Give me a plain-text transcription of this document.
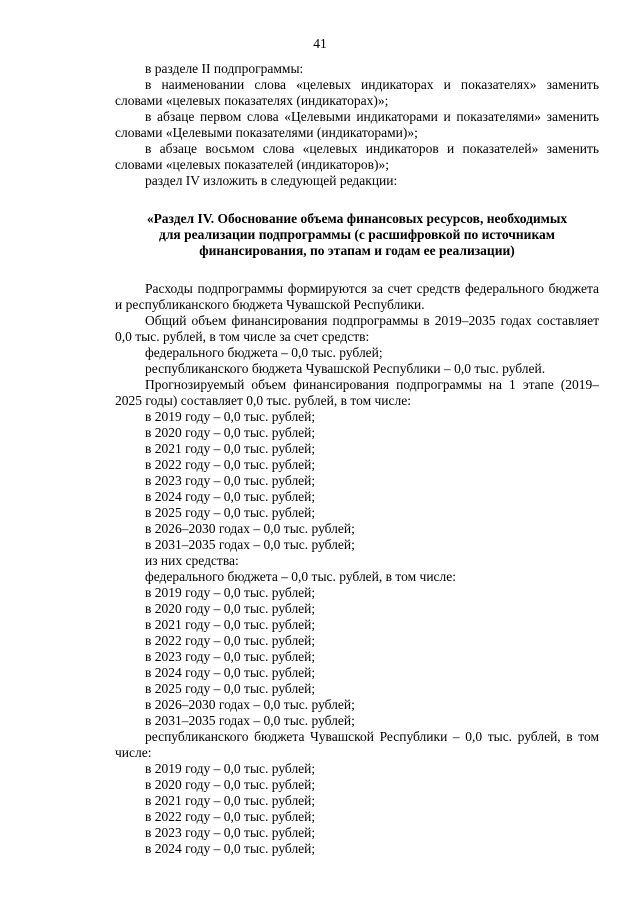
41

в разделе II подпрограммы:

в наименовании слова «целевых индикаторах и показателях» заменить словами «целевых показателях (индикаторах)»;

в абзаце первом слова «Целевыми индикаторами и показателями» заменить словами «Целевыми показателями (индикаторами)»;

в абзаце восьмом слова «целевых индикаторов и показателей» заменить словами «целевых показателей (индикаторов)»;

раздел IV изложить в следующей редакции:

«Раздел IV. Обоснование объема финансовых ресурсов, необходимых
для реализации подпрограммы (с расшифровкой по источникам
финансирования, по этапам и годам ее реализации)

Расходы подпрограммы формируются за счет средств федерального бюджета и республиканского бюджета Чувашской Республики.

Общий объем финансирования подпрограммы в 2019–2035 годах составляет 0,0 тыс. рублей, в том числе за счет средств:

федерального бюджета – 0,0 тыс. рублей;

республиканского бюджета Чувашской Республики – 0,0 тыс. рублей.

Прогнозируемый объем финансирования подпрограммы на 1 этапе (2019–2025 годы) составляет 0,0 тыс. рублей, в том числе:

в 2019 году – 0,0 тыс. рублей;

в 2020 году – 0,0 тыс. рублей;

в 2021 году – 0,0 тыс. рублей;

в 2022 году – 0,0 тыс. рублей;

в 2023 году – 0,0 тыс. рублей;

в 2024 году – 0,0 тыс. рублей;

в 2025 году – 0,0 тыс. рублей;

в 2026–2030 годах – 0,0 тыс. рублей;

в 2031–2035 годах – 0,0 тыс. рублей;

из них средства:

федерального бюджета – 0,0 тыс. рублей, в том числе:

в 2019 году – 0,0 тыс. рублей;

в 2020 году – 0,0 тыс. рублей;

в 2021 году – 0,0 тыс. рублей;

в 2022 году – 0,0 тыс. рублей;

в 2023 году – 0,0 тыс. рублей;

в 2024 году – 0,0 тыс. рублей;

в 2025 году – 0,0 тыс. рублей;

в 2026–2030 годах – 0,0 тыс. рублей;

в 2031–2035 годах – 0,0 тыс. рублей;

республиканского бюджета Чувашской Республики – 0,0 тыс. рублей, в том числе:

в 2019 году – 0,0 тыс. рублей;

в 2020 году – 0,0 тыс. рублей;

в 2021 году – 0,0 тыс. рублей;

в 2022 году – 0,0 тыс. рублей;

в 2023 году – 0,0 тыс. рублей;

в 2024 году – 0,0 тыс. рублей;
